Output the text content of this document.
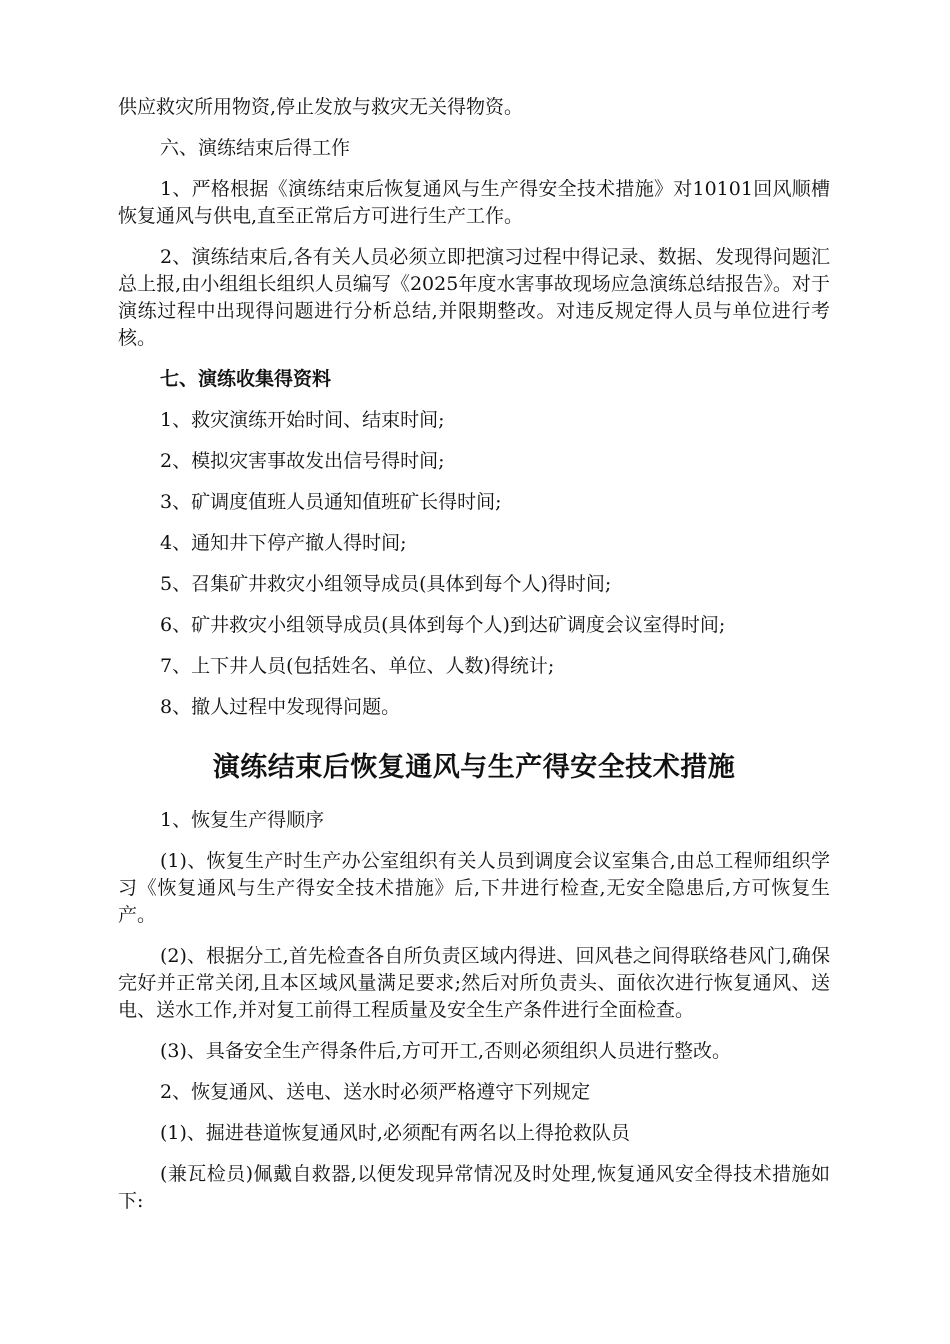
供应救灾所用物资,停止发放与救灾无关得物资。

六、演练结束后得工作

1、严格根据《演练结束后恢复通风与生产得安全技术措施》对10101回风顺槽恢复通风与供电,直至正常后方可进行生产工作。

2、演练结束后,各有关人员必须立即把演习过程中得记录、数据、发现得问题汇总上报,由小组组长组织人员编写《2025年度水害事故现场应急演练总结报告》。对于演练过程中出现得问题进行分析总结,并限期整改。对违反规定得人员与单位进行考核。

七、演练收集得资料

1、救灾演练开始时间、结束时间;

2、模拟灾害事故发出信号得时间;

3、矿调度值班人员通知值班矿长得时间;

4、通知井下停产撤人得时间;

5、召集矿井救灾小组领导成员(具体到每个人)得时间;

6、矿井救灾小组领导成员(具体到每个人)到达矿调度会议室得时间;

7、上下井人员(包括姓名、单位、人数)得统计;

8、撤人过程中发现得问题。

演练结束后恢复通风与生产得安全技术措施

1、恢复生产得顺序

(1)、恢复生产时生产办公室组织有关人员到调度会议室集合,由总工程师组织学习《恢复通风与生产得安全技术措施》后,下井进行检查,无安全隐患后,方可恢复生产。

(2)、根据分工,首先检查各自所负责区域内得进、回风巷之间得联络巷风门,确保完好并正常关闭,且本区域风量满足要求;然后对所负责头、面依次进行恢复通风、送电、送水工作,并对复工前得工程质量及安全生产条件进行全面检查。

(3)、具备安全生产得条件后,方可开工,否则必须组织人员进行整改。

2、恢复通风、送电、送水时必须严格遵守下列规定

(1)、掘进巷道恢复通风时,必须配有两名以上得抢救队员

(兼瓦检员)佩戴自救器,以便发现异常情况及时处理,恢复通风安全得技术措施如下:
